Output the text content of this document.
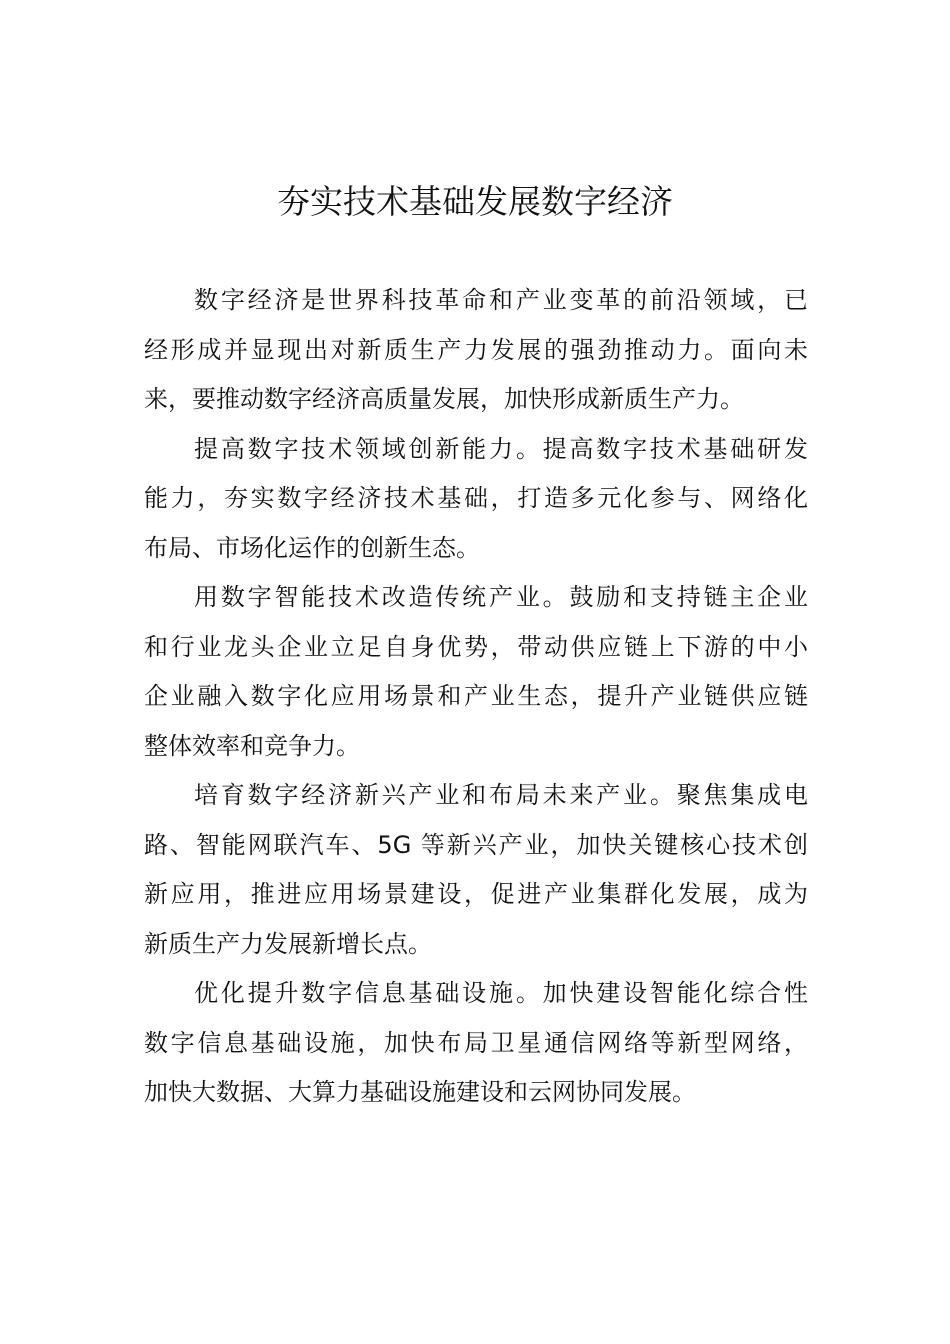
夯实技术基础发展数字经济
数字经济是世界科技革命和产业变革的前沿领域，已
经形成并显现出对新质生产力发展的强劲推动力。面向未
来，要推动数字经济高质量发展，加快形成新质生产力。
提高数字技术领域创新能力。提高数字技术基础研发
能力，夯实数字经济技术基础，打造多元化参与、网络化
布局、市场化运作的创新生态。
用数字智能技术改造传统产业。鼓励和支持链主企业
和行业龙头企业立足自身优势，带动供应链上下游的中小
企业融入数字化应用场景和产业生态，提升产业链供应链
整体效率和竞争力。
培育数字经济新兴产业和布局未来产业。聚焦集成电
路、智能网联汽车、5G 等新兴产业，加快关键核心技术创
新应用，推进应用场景建设，促进产业集群化发展，成为
新质生产力发展新增长点。
优化提升数字信息基础设施。加快建设智能化综合性
数字信息基础设施，加快布局卫星通信网络等新型网络，
加快大数据、大算力基础设施建设和云网协同发展。
